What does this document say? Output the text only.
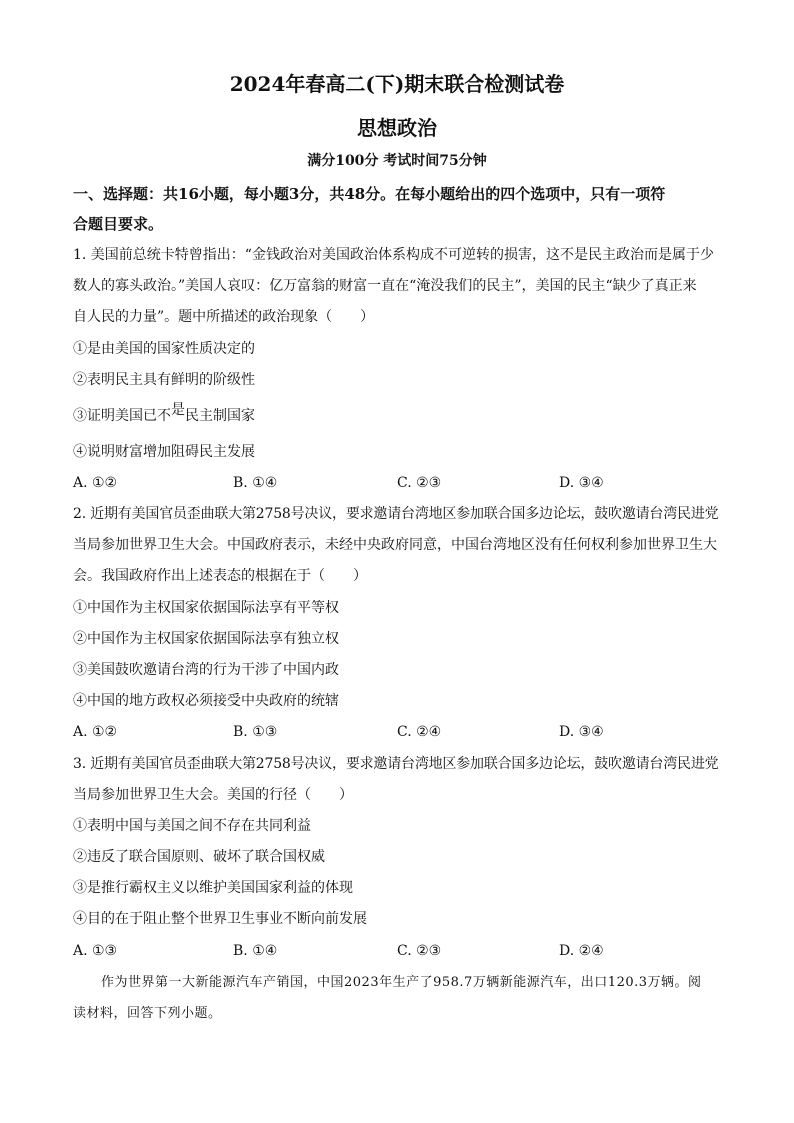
2024年春高二(下)期末联合检测试卷
思想政治
满分100分 考试时间75分钟
一、选择题：共16小题，每小题3分，共48分。在每小题给出的四个选项中，只有一项符
合题目要求。
1. 美国前总统卡特曾指出：“金钱政治对美国政治体系构成不可逆转的损害，这不是民主政治而是属于少
数人的寡头政治。”美国人哀叹：亿万富翁的财富一直在“淹没我们的民主”，美国的民主“缺少了真正来
自人民的力量”。题中所描述的政治现象（　　）
①是由美国的国家性质决定的
②表明民主具有鲜明的阶级性
③证明美国已不是民主制国家
④说明财富增加阻碍民主发展
A. ①②	B. ①④	C. ②③	D. ③④
2. 近期有美国官员歪曲联大第2758号决议，要求邀请台湾地区参加联合国多边论坛，鼓吹邀请台湾民进党
当局参加世界卫生大会。中国政府表示，未经中央政府同意，中国台湾地区没有任何权利参加世界卫生大
会。我国政府作出上述表态的根据在于（　　）
①中国作为主权国家依据国际法享有平等权
②中国作为主权国家依据国际法享有独立权
③美国鼓吹邀请台湾的行为干涉了中国内政
④中国的地方政权必须接受中央政府的统辖
A. ①②	B. ①③	C. ②④	D. ③④
3. 近期有美国官员歪曲联大第2758号决议，要求邀请台湾地区参加联合国多边论坛，鼓吹邀请台湾民进党
当局参加世界卫生大会。美国的行径（　　）
①表明中国与美国之间不存在共同利益
②违反了联合国原则、破坏了联合国权威
③是推行霸权主义以维护美国国家利益的体现
④目的在于阻止整个世界卫生事业不断向前发展
A. ①③	B. ①④	C. ②③	D. ②④
作为世界第一大新能源汽车产销国，中国2023年生产了958.7万辆新能源汽车，出口120.3万辆。阅
读材料，回答下列小题。
